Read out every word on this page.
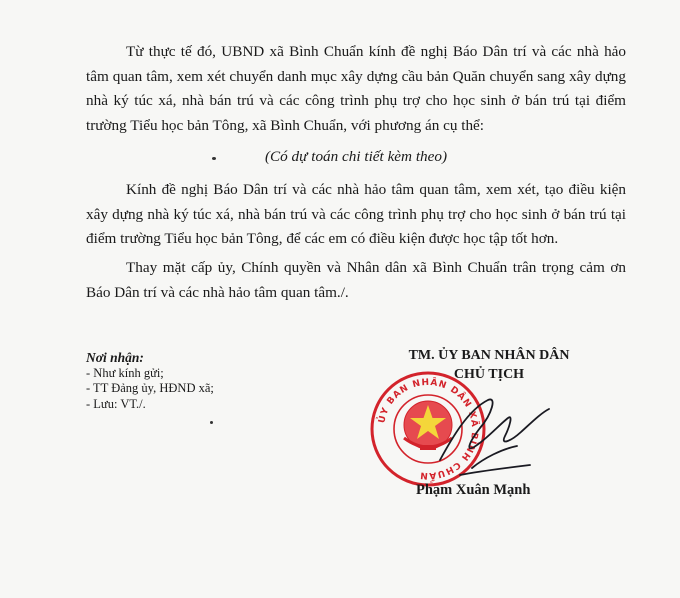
Từ thực tế đó, UBND xã Bình Chuẩn kính đề nghị Báo Dân trí và các nhà hảo tâm quan tâm, xem xét chuyển danh mục xây dựng cầu bản Quăn chuyển sang xây dựng nhà ký túc xá, nhà bán trú và các công trình phụ trợ cho học sinh ở bán trú tại điểm trường Tiểu học bản Tông, xã Bình Chuẩn, với phương án cụ thể:

(Có dự toán chi tiết kèm theo)

Kính đề nghị Báo Dân trí và các nhà hảo tâm quan tâm, xem xét, tạo điều kiện xây dựng nhà ký túc xá, nhà bán trú và các công trình phụ trợ cho học sinh ở bán trú tại điểm trường Tiểu học bản Tông, để các em có điều kiện được học tập tốt hơn.

Thay mặt cấp ủy, Chính quyền và Nhân dân xã Bình Chuẩn trân trọng cảm ơn Báo Dân trí và các nhà hảo tâm quan tâm./.

Nơi nhận:
- Như kính gửi;
- TT Đảng ủy, HĐND xã;
- Lưu: VT./.
ỦY BAN NHÂN DÂN XÃ BÌNH CHUẨN
TM. ỦY BAN NHÂN DÂN
CHỦ TỊCH
Phạm Xuân Mạnh
